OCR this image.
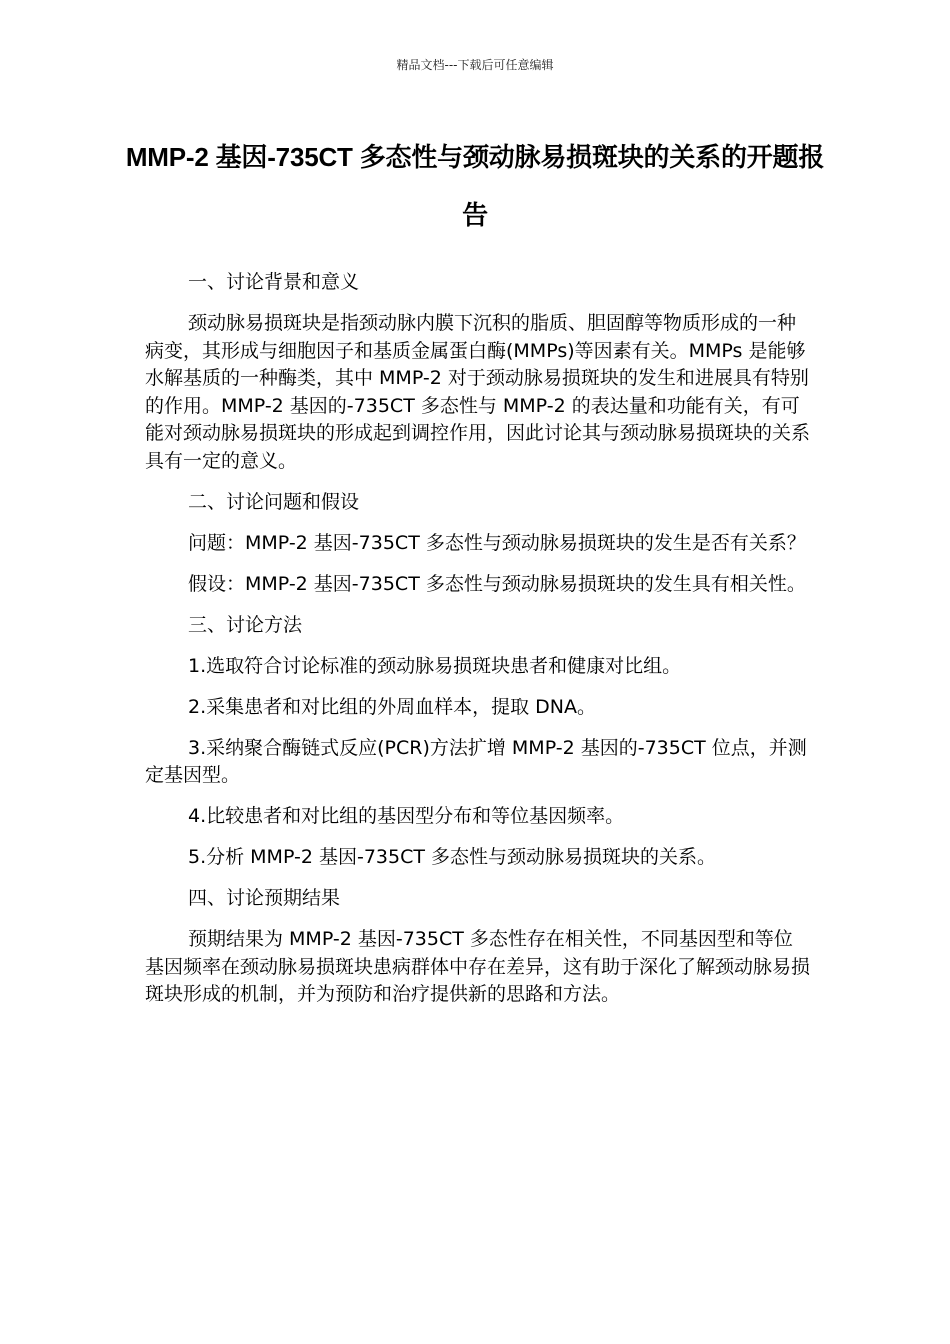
精品文档---下载后可任意编辑
MMP-2 基因-735CT 多态性与颈动脉易损斑块的关系的开题报告

一、讨论背景和意义

颈动脉易损斑块是指颈动脉内膜下沉积的脂质、胆固醇等物质形成的一种病变，其形成与细胞因子和基质金属蛋白酶(MMPs)等因素有关。MMPs 是能够水解基质的一种酶类，其中 MMP-2 对于颈动脉易损斑块的发生和进展具有特别的作用。MMP-2 基因的-735CT 多态性与 MMP-2 的表达量和功能有关，有可能对颈动脉易损斑块的形成起到调控作用，因此讨论其与颈动脉易损斑块的关系具有一定的意义。

二、讨论问题和假设

问题：MMP-2 基因-735CT 多态性与颈动脉易损斑块的发生是否有关系？

假设：MMP-2 基因-735CT 多态性与颈动脉易损斑块的发生具有相关性。

三、讨论方法

1.选取符合讨论标准的颈动脉易损斑块患者和健康对比组。

2.采集患者和对比组的外周血样本，提取 DNA。

3.采纳聚合酶链式反应(PCR)方法扩增 MMP-2 基因的-735CT 位点，并测定基因型。

4.比较患者和对比组的基因型分布和等位基因频率。

5.分析 MMP-2 基因-735CT 多态性与颈动脉易损斑块的关系。

四、讨论预期结果

预期结果为 MMP-2 基因-735CT 多态性存在相关性，不同基因型和等位基因频率在颈动脉易损斑块患病群体中存在差异，这有助于深化了解颈动脉易损斑块形成的机制，并为预防和治疗提供新的思路和方法。
